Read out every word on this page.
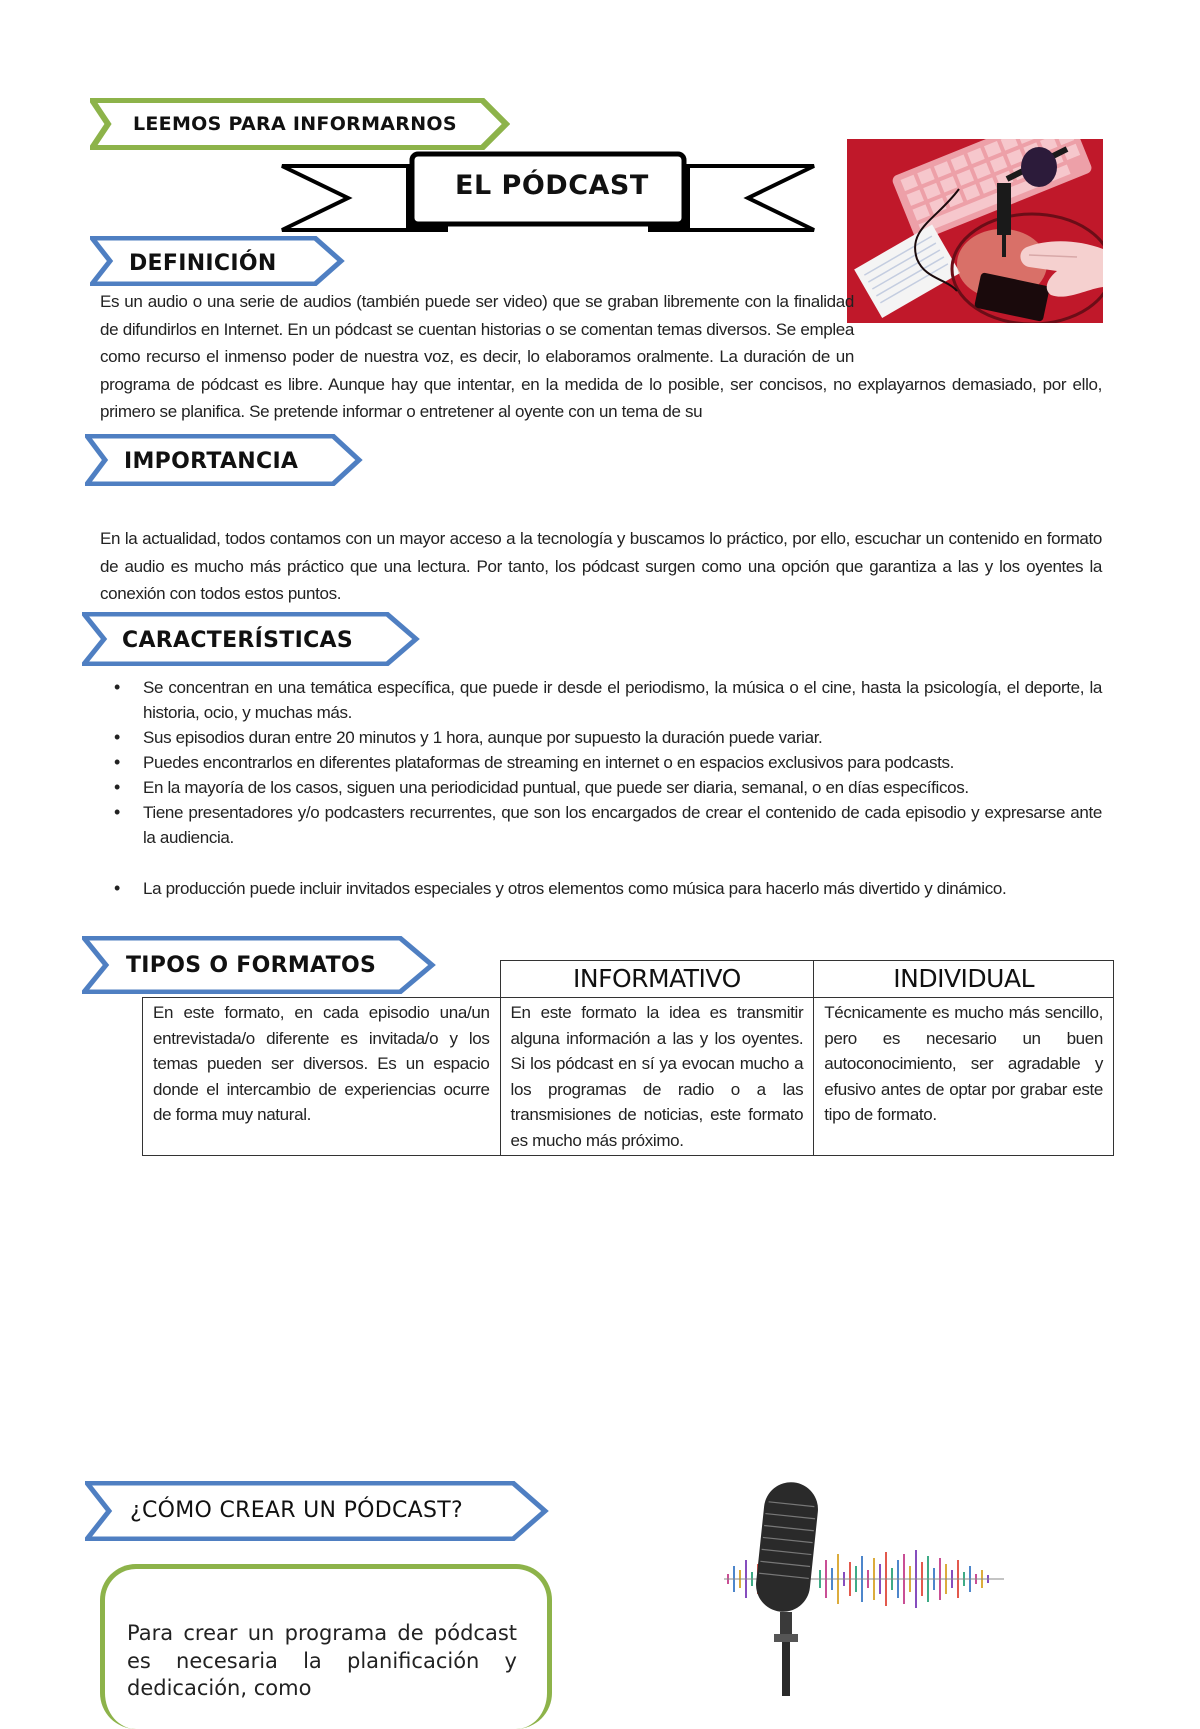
LEEMOS PARA INFORMARNOS
EL PÓDCAST
DEFINICIÓN
Es un audio o una serie de audios (también puede ser video) que se graban libremente con la finalidad de difundirlos en Internet. En un pódcast se cuentan historias o se comentan temas diversos. Se emplea como recurso el inmenso poder de nuestra voz, es decir, lo elaboramos oralmente. La duración de un programa de pódcast es libre. Aunque hay que intentar, en la medida de lo posible, ser concisos, no explayarnos demasiado, por ello, primero se planifica. Se pretende informar o entretener al oyente con un tema de su
IMPORTANCIA
En la actualidad, todos contamos con un mayor acceso a la tecnología y buscamos lo práctico, por ello, escuchar un contenido en formato de audio es mucho más práctico que una lectura. Por tanto, los pódcast surgen como una opción que garantiza a las y los oyentes la conexión con todos estos puntos.
CARACTERÍSTICAS
• Se concentran en una temática específica, que puede ir desde el periodismo, la música o el cine, hasta la psicología, el deporte, la historia, ocio, y muchas más.
• Sus episodios duran entre 20 minutos y 1 hora, aunque por supuesto la duración puede variar.
• Puedes encontrarlos en diferentes plataformas de streaming en internet o en espacios exclusivos para podcasts.
• En la mayoría de los casos, siguen una periodicidad puntual, que puede ser diaria, semanal, o en días específicos.
• Tiene presentadores y/o podcasters recurrentes, que son los encargados de crear el contenido de cada episodio y expresarse ante la audiencia.
• La producción puede incluir invitados especiales y otros elementos como música para hacerlo más divertido y dinámico.
	INFORMATIVO	INDIVIDUAL
En este formato, en cada episodio una/un entrevistada/o diferente es invitada/o y los temas pueden ser diversos. Es un espacio donde el intercambio de experiencias ocurre de forma muy natural.	En este formato la idea es transmitir alguna información a las y los oyentes. Si los pódcast en sí ya evocan mucho a los programas de radio o a las transmisiones de noticias, este formato es mucho más próximo.	Técnicamente es mucho más sencillo, pero es necesario un buen autoconocimiento, ser agradable y efusivo antes de optar por grabar este tipo de formato.
TIPOS O FORMATOS
¿CÓMO CREAR UN PÓDCAST?
Para crear un programa de pódcast es necesaria la planificación y dedicación, como
